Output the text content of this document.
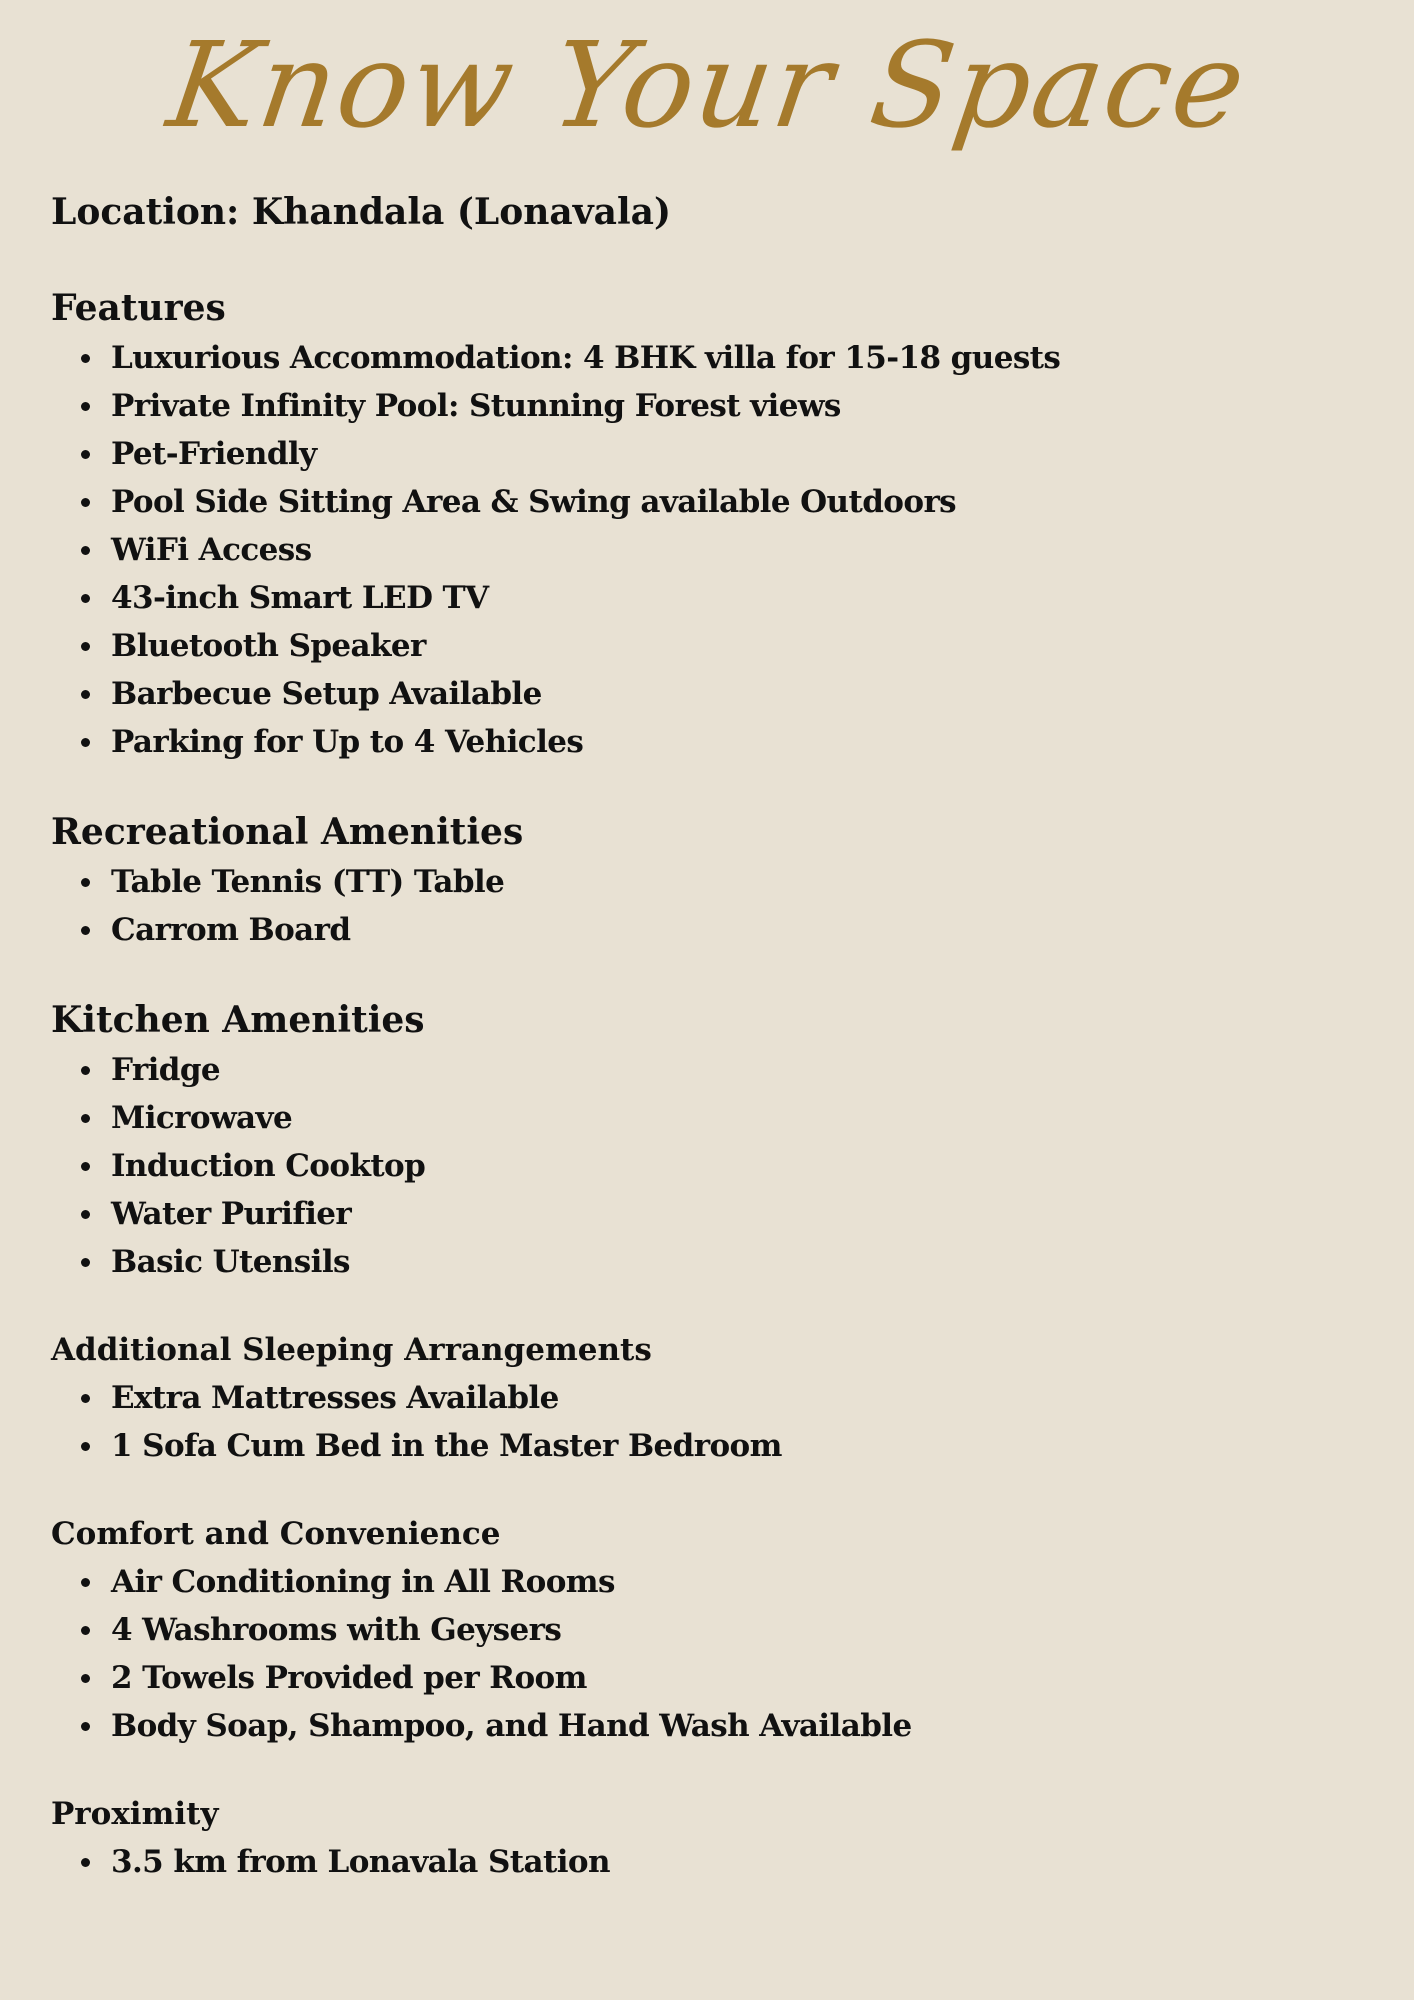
Know Your Space

Location: Khandala (Lonavala)

Features

Luxurious Accommodation: 4 BHK villa for 15-18 guests
Private Infinity Pool: Stunning Forest views
Pet-Friendly
Pool Side Sitting Area & Swing available Outdoors
WiFi Access
43-inch Smart LED TV
Bluetooth Speaker
Barbecue Setup Available
Parking for Up to 4 Vehicles

Recreational Amenities

Table Tennis (TT) Table
Carrom Board

Kitchen Amenities

Fridge
Microwave
Induction Cooktop
Water Purifier
Basic Utensils

Additional Sleeping Arrangements

Extra Mattresses Available
1 Sofa Cum Bed in the Master Bedroom

Comfort and Convenience

Air Conditioning in All Rooms
4 Washrooms with Geysers
2 Towels Provided per Room
Body Soap, Shampoo, and Hand Wash Available

Proximity

3.5 km from Lonavala Station
